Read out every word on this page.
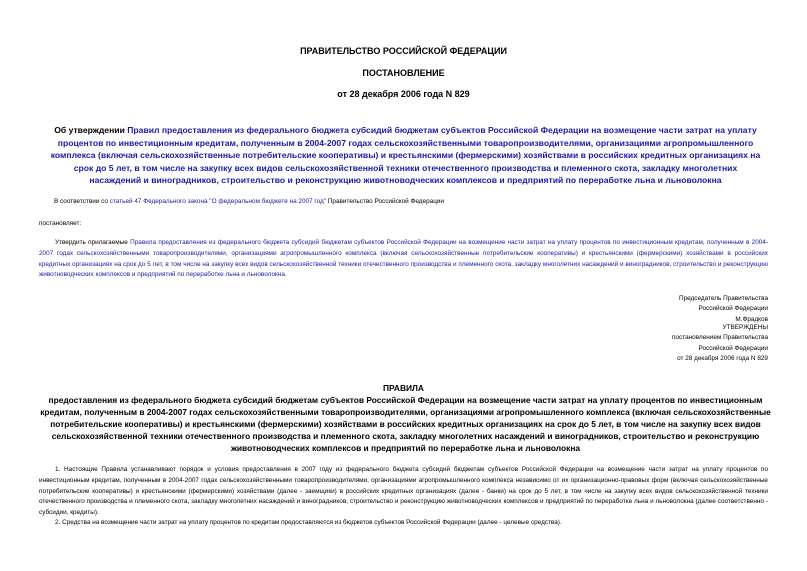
ПРАВИТЕЛЬСТВО РОССИЙСКОЙ ФЕДЕРАЦИИ
ПОСТАНОВЛЕНИЕ
от 28 декабря 2006 года N 829
Об утверждении Правил предоставления из федерального бюджета субсидий бюджетам субъектов Российской Федерации на возмещение части затрат на уплату процентов по инвестиционным кредитам, полученным в 2004-2007 годах сельскохозяйственными товаропроизводителями, организациями агропромышленного комплекса (включая сельскохозяйственные потребительские кооперативы) и крестьянскими (фермерскими) хозяйствами в российских кредитных организациях на срок до 5 лет, в том числе на закупку всех видов сельскохозяйственной техники отечественного производства и племенного скота, закладку многолетних насаждений и виноградников, строительство и реконструкцию животноводческих комплексов и предприятий по переработке льна и льноволокна
В соответствии со статьей 47 Федерального закона "О федеральном бюджете на 2007 год" Правительство Российской Федерации
постановляет:
Утвердить прилагаемые Правила предоставления из федерального бюджета субсидий бюджетам субъектов Российской Федерации на возмещение части затрат на уплату процентов по инвестиционным кредитам, полученным в 2004-2007 годах сельскохозяйственными товаропроизводителями, организациями агропромышленного комплекса (включая сельскохозяйственные потребительские кооперативы) и крестьянскими (фермерскими) хозяйствами в российских кредитных организациях на срок до 5 лет, в том числе на закупку всех видов сельскохозяйственной техники отечественного производства и племенного скота, закладку многолетних насаждений и виноградников, строительство и реконструкцию животноводческих комплексов и предприятий по переработке льна и льноволокна.
Председатель Правительства
Российской Федерации
М.Фрадков
УТВЕРЖДЕНЫ
постановлением Правительства
Российской Федерации
от 28 декабря 2006 года N 829
ПРАВИЛА
предоставления из федерального бюджета субсидий бюджетам субъектов Российской Федерации на возмещение части затрат на уплату процентов по инвестиционным кредитам, полученным в 2004-2007 годах сельскохозяйственными товаропроизводителями, организациями агропромышленного комплекса (включая сельскохозяйственные потребительские кооперативы) и крестьянскими (фермерскими) хозяйствами в российских кредитных организациях на срок до 5 лет, в том числе на закупку всех видов сельскохозяйственной техники отечественного производства и племенного скота, закладку многолетних насаждений и виноградников, строительство и реконструкцию животноводческих комплексов и предприятий по переработке льна и льноволокна
1. Настоящие Правила устанавливают порядок и условия предоставления в 2007 году из федерального бюджета субсидий бюджетам субъектов Российской Федерации на возмещение части затрат на уплату процентов по инвестиционным кредитам, полученным в 2004-2007 годах сельскохозяйственными товаропроизводителями, организациями агропромышленного комплекса независимо от их организационно-правовых форм (включая сельскохозяйственные потребительские кооперативы) и крестьянскими (фермерскими) хозяйствами (далее - заемщики) в российских кредитных организациях (далее - банки) на срок до 5 лет, в том числе на закупку всех видов сельскохозяйственной техники отечественного производства и племенного скота, закладку многолетних насаждений и виноградников, строительство и реконструкцию животноводческих комплексов и предприятий по переработке льна и льноволокна (далее соответственно - субсидии, кредиты).
2. Средства на возмещение части затрат на уплату процентов по кредитам предоставляются из бюджетов субъектов Российской Федерации (далее - целевые средства).
